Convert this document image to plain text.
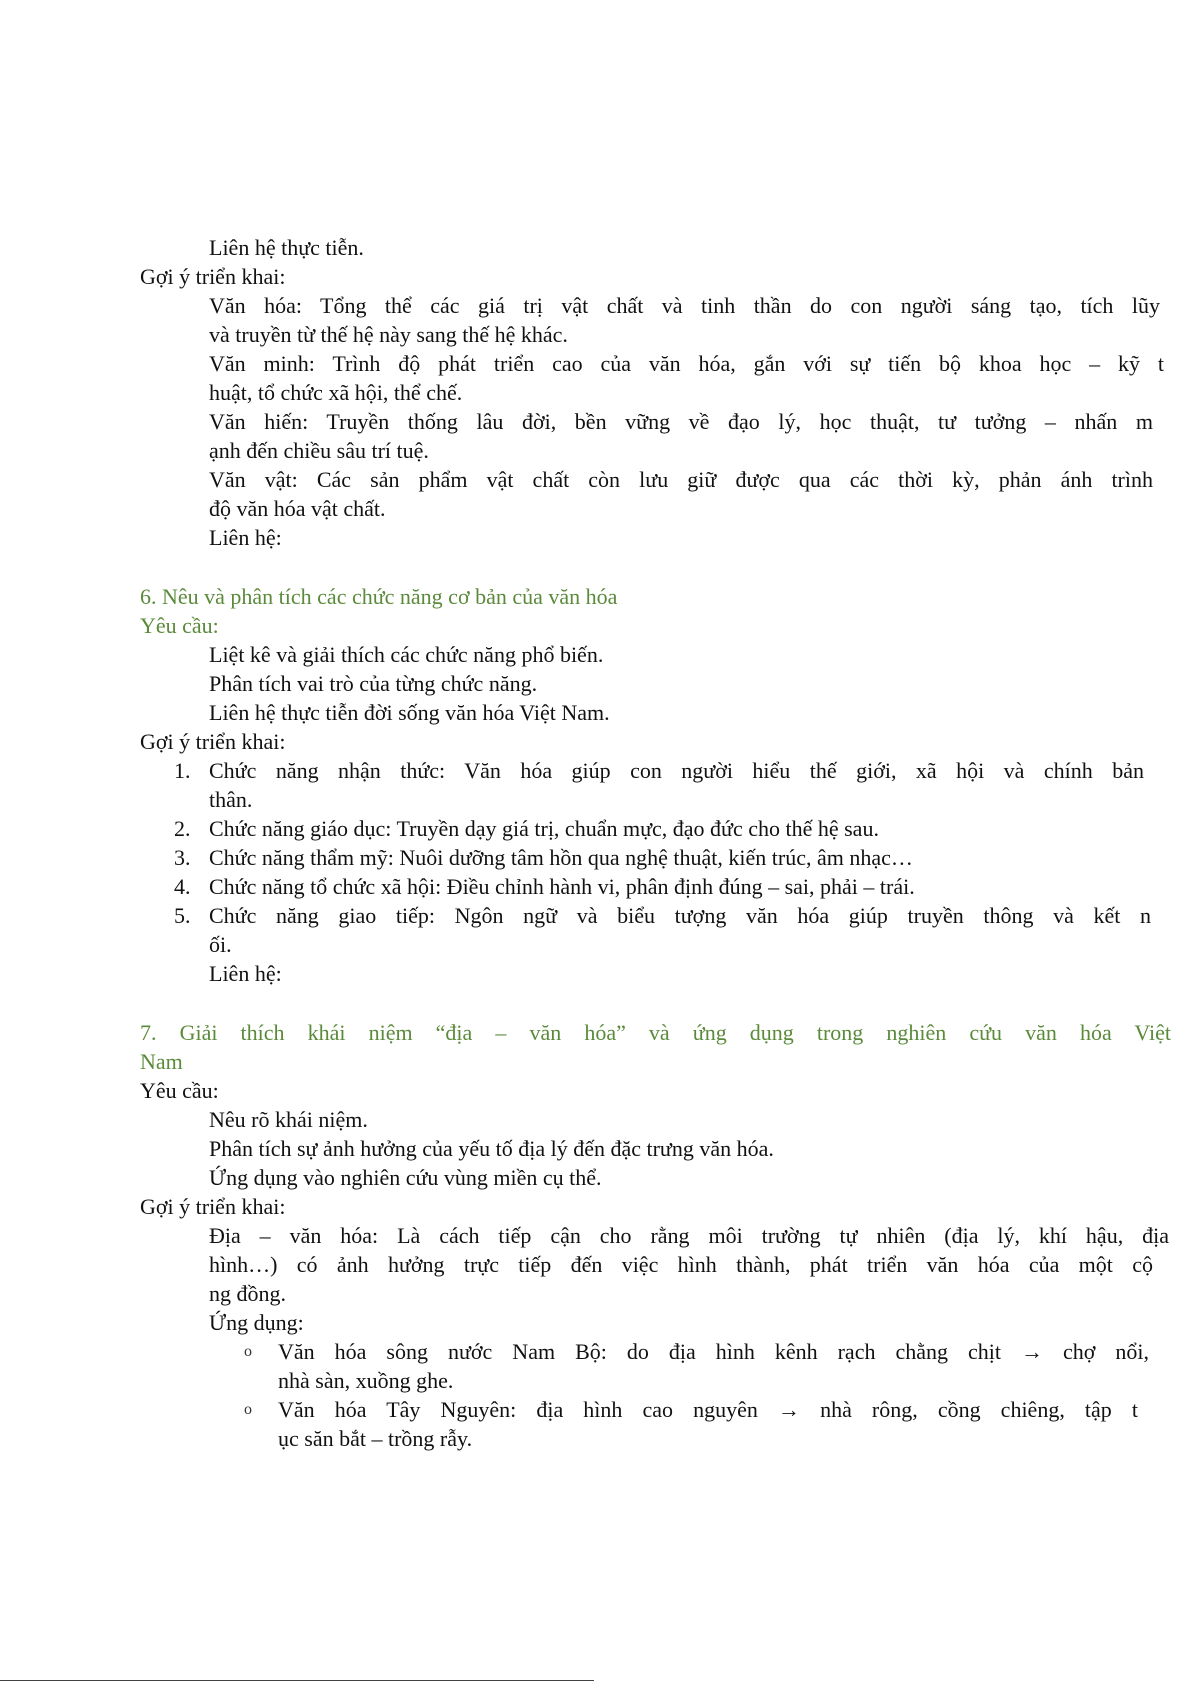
Liên hệ thực tiễn.
Gợi ý triển khai:
Văn hóa: Tổng thể các giá trị vật chất và tinh thần do con người sáng tạo, tích lũy
và truyền từ thế hệ này sang thế hệ khác.
Văn minh: Trình độ phát triển cao của văn hóa, gắn với sự tiến bộ khoa học – kỹ t
huật, tổ chức xã hội, thể chế.
Văn hiến: Truyền thống lâu đời, bền vững về đạo lý, học thuật, tư tưởng – nhấn m
ạnh đến chiều sâu trí tuệ.
Văn vật: Các sản phẩm vật chất còn lưu giữ được qua các thời kỳ, phản ánh trình
độ văn hóa vật chất.
Liên hệ:
6. Nêu và phân tích các chức năng cơ bản của văn hóa
Yêu cầu:
Liệt kê và giải thích các chức năng phổ biến.
Phân tích vai trò của từng chức năng.
Liên hệ thực tiễn đời sống văn hóa Việt Nam.
Gợi ý triển khai:
1. Chức năng nhận thức: Văn hóa giúp con người hiểu thế giới, xã hội và chính bản
thân.
2. Chức năng giáo dục: Truyền dạy giá trị, chuẩn mực, đạo đức cho thế hệ sau.
3. Chức năng thẩm mỹ: Nuôi dưỡng tâm hồn qua nghệ thuật, kiến trúc, âm nhạc…
4. Chức năng tổ chức xã hội: Điều chỉnh hành vi, phân định đúng – sai, phải – trái.
5. Chức năng giao tiếp: Ngôn ngữ và biểu tượng văn hóa giúp truyền thông và kết n
ối.
Liên hệ:
7. Giải thích khái niệm “địa – văn hóa” và ứng dụng trong nghiên cứu văn hóa Việt
Nam
Yêu cầu:
Nêu rõ khái niệm.
Phân tích sự ảnh hưởng của yếu tố địa lý đến đặc trưng văn hóa.
Ứng dụng vào nghiên cứu vùng miền cụ thể.
Gợi ý triển khai:
Địa – văn hóa: Là cách tiếp cận cho rằng môi trường tự nhiên (địa lý, khí hậu, địa
hình…) có ảnh hưởng trực tiếp đến việc hình thành, phát triển văn hóa của một cộ
ng đồng.
Ứng dụng:
o Văn hóa sông nước Nam Bộ: do địa hình kênh rạch chằng chịt → chợ nổi,
nhà sàn, xuồng ghe.
o Văn hóa Tây Nguyên: địa hình cao nguyên → nhà rông, cồng chiêng, tập t
ục săn bắt – trồng rẫy.
